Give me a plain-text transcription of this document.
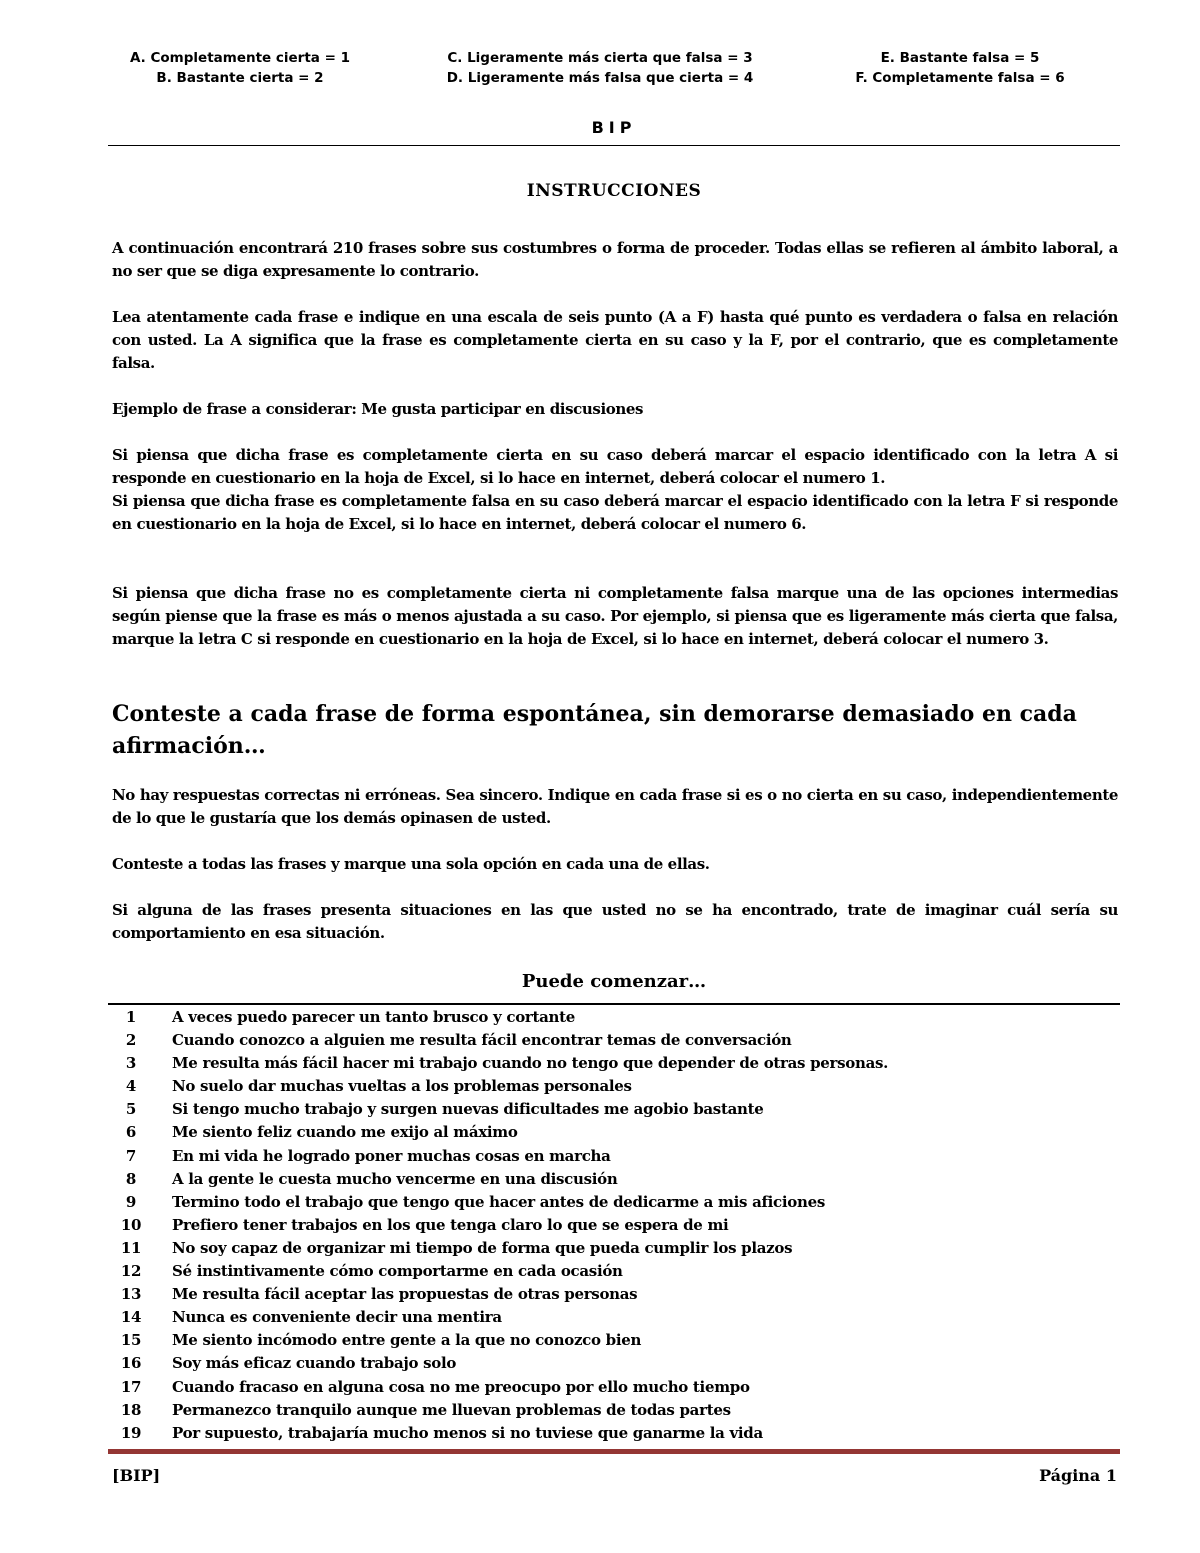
A. Completamente cierta = 1	C. Ligeramente más cierta que falsa = 3	E. Bastante falsa = 5
B. Bastante cierta = 2	D. Ligeramente más falsa que cierta = 4	F. Completamente falsa = 6
BIP
INSTRUCCIONES
A continuación encontrará 210 frases sobre sus costumbres o forma de proceder. Todas ellas se refieren al ámbito laboral, a no ser que se diga expresamente lo contrario.
Lea atentamente cada frase e indique en una escala de seis punto (A a F) hasta qué punto es verdadera o falsa en relación con usted. La A significa que la frase es completamente cierta en su caso y la F, por el contrario, que es completamente falsa.
Ejemplo de frase a considerar: Me gusta participar en discusiones
Si piensa que dicha frase es completamente cierta en su caso deberá marcar el espacio identificado con la letra A si responde en cuestionario en la hoja de Excel, si lo hace en internet, deberá colocar el numero 1.
Si piensa que dicha frase es completamente falsa en su caso deberá marcar el espacio identificado con la letra F si responde en cuestionario en la hoja de Excel, si lo hace en internet, deberá colocar el numero 6.
Si piensa que dicha frase no es completamente cierta ni completamente falsa marque una de las opciones intermedias según piense que la frase es más o menos ajustada a su caso. Por ejemplo, si piensa que es ligeramente más cierta que falsa, marque la letra C si responde en cuestionario en la hoja de Excel, si lo hace en internet, deberá colocar el numero 3.
Conteste a cada frase de forma espontánea, sin demorarse demasiado en cada afirmación…
No hay respuestas correctas ni erróneas. Sea sincero. Indique en cada frase si es o no cierta en su caso, independientemente de lo que le gustaría que los demás opinasen de usted.
Conteste a todas las frases y marque una sola opción en cada una de ellas.
Si alguna de las frases presenta situaciones en las que usted no se ha encontrado, trate de imaginar cuál sería su comportamiento en esa situación.
Puede comenzar…
1	A veces puedo parecer un tanto brusco y cortante
2	Cuando conozco a alguien me resulta fácil encontrar temas de conversación
3	Me resulta más fácil hacer mi trabajo cuando no tengo que depender de otras personas.
4	No suelo dar muchas vueltas a los problemas personales
5	Si tengo mucho trabajo y surgen nuevas dificultades me agobio bastante
6	Me siento feliz cuando me exijo al máximo
7	En mi vida he logrado poner muchas cosas en marcha
8	A la gente le cuesta mucho vencerme en una discusión
9	Termino todo el trabajo que tengo que hacer antes de dedicarme a mis aficiones
10	Prefiero tener trabajos en los que tenga claro lo que se espera de mi
11	No soy capaz de organizar mi tiempo de forma que pueda cumplir los plazos
12	Sé instintivamente cómo comportarme en cada ocasión
13	Me resulta fácil aceptar las propuestas de otras personas
14	Nunca es conveniente decir una mentira
15	Me siento incómodo entre gente a la que no conozco bien
16	Soy más eficaz cuando trabajo solo
17	Cuando fracaso en alguna cosa no me preocupo por ello mucho tiempo
18	Permanezco tranquilo aunque me lluevan problemas de todas partes
19	Por supuesto, trabajaría mucho menos si no tuviese que ganarme la vida
[BIP]	Página 1
